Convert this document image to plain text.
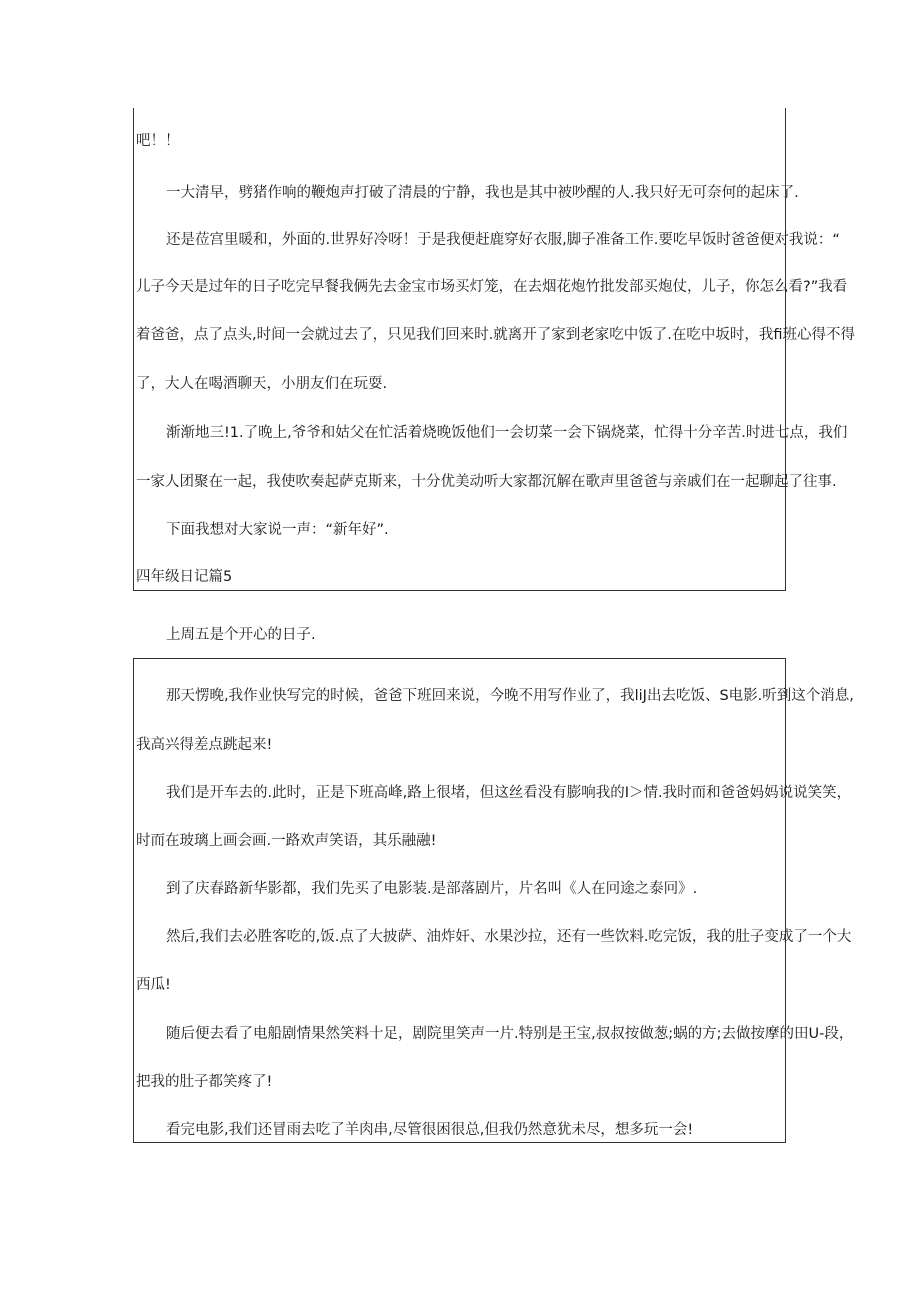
吧！！
一大清早，劈猪作响的鞭炮声打破了清晨的宁静，我也是其中被吵醒的人.我只好无可奈何的起床了.
还是莅宫里暖和，外面的.世界好冷呀！于是我便赶鹿穿好衣服,脚子准备工作.要吃早饭时爸爸便对我说：“
儿子今天是过年的日子吃完早餐我俩先去金宝市场买灯笼，在去烟花炮竹批发部买炮仗，儿子，你怎么看?”我看
着爸爸，点了点头,时间一会就过去了，只见我们回来时.就离开了家到老家吃中饭了.在吃中坂时，我fi班心得不得
了，大人在喝酒聊天，小朋友们在玩耍.
渐渐地三!1.了晚上,爷爷和姑父在忙活着烧晚饭他们一会切菜一会下锅烧菜，忙得十分辛苦.时进七点，我们
一家人团聚在一起，我使吹奏起萨克斯来，十分优美动听大家都沉解在歌声里爸爸与亲戚们在一起聊起了往事.
下面我想对大家说一声：“新年好”.
四年级日记篇5
上周五是个开心的日子.
那天愣晚,我作业快写完的时候，爸爸下班回来说，今晚不用写作业了，我liJ出去吃饭、S电影.听到这个消息,
我高兴得差点跳起来!
我们是开车去的.此时，正是下班高峰,路上很堵，但这丝看没有膨响我的I＞情.我时而和爸爸妈妈说说笑笑，
时而在玻璃上画会画.一路欢声笑语，其乐融融!
到了庆春路新华影都，我们先买了电影装.是部落剧片，片名叫《人在冋途之泰冋》.
然后,我们去必胜客吃的,饭.点了大披萨、油炸奸、水果沙拉，还有一些饮料.吃完饭，我的肚子变成了一个大
西瓜!
随后便去看了电船剧情果然笑料十足，剧院里笑声一片.特别是王宝,叔叔按做葱;蜗的方;去做按摩的田U-段，
把我的肚子都笑疼了!
看完电影,我们还冒雨去吃了羊肉串,尽管很困很总,但我仍然意犹未尽，想多玩一会!
